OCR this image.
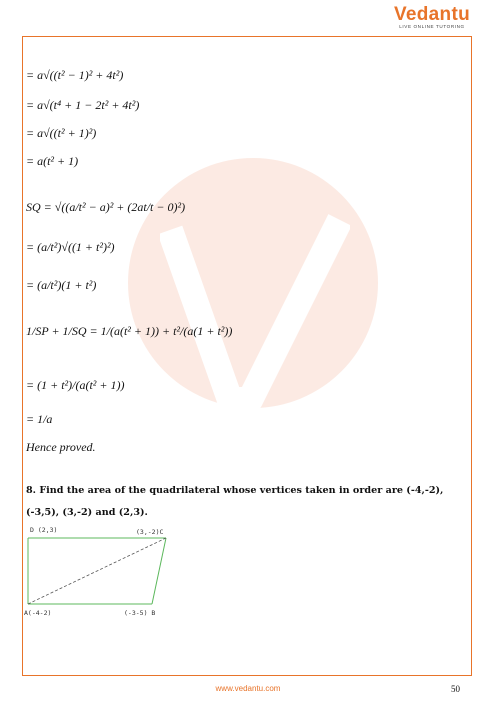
Vedantu
LIVE ONLINE TUTORING
= a√((t² − 1)² + 4t²)
= a√(t⁴ + 1 − 2t² + 4t²)
= a√((t² + 1)²)
= a(t² + 1)
SQ = √((a/t² − a)² + (2at/t − 0)²)
= (a/t²)√((1 + t²)²)
= (a/t²)(1 + t²)
1/SP + 1/SQ = 1/(a(t² + 1)) + t²/(a(1 + t²))
= (1 + t²)/(a(t² + 1))
= 1/a
Hence proved.
8. Find the area of the quadrilateral whose vertices taken in order are (-4,-2), (-3,5), (3,-2) and (2,3).
D (2,3)	(3,-2)C
A(-4-2)	(-3-5) B
www.vedantu.com	50
